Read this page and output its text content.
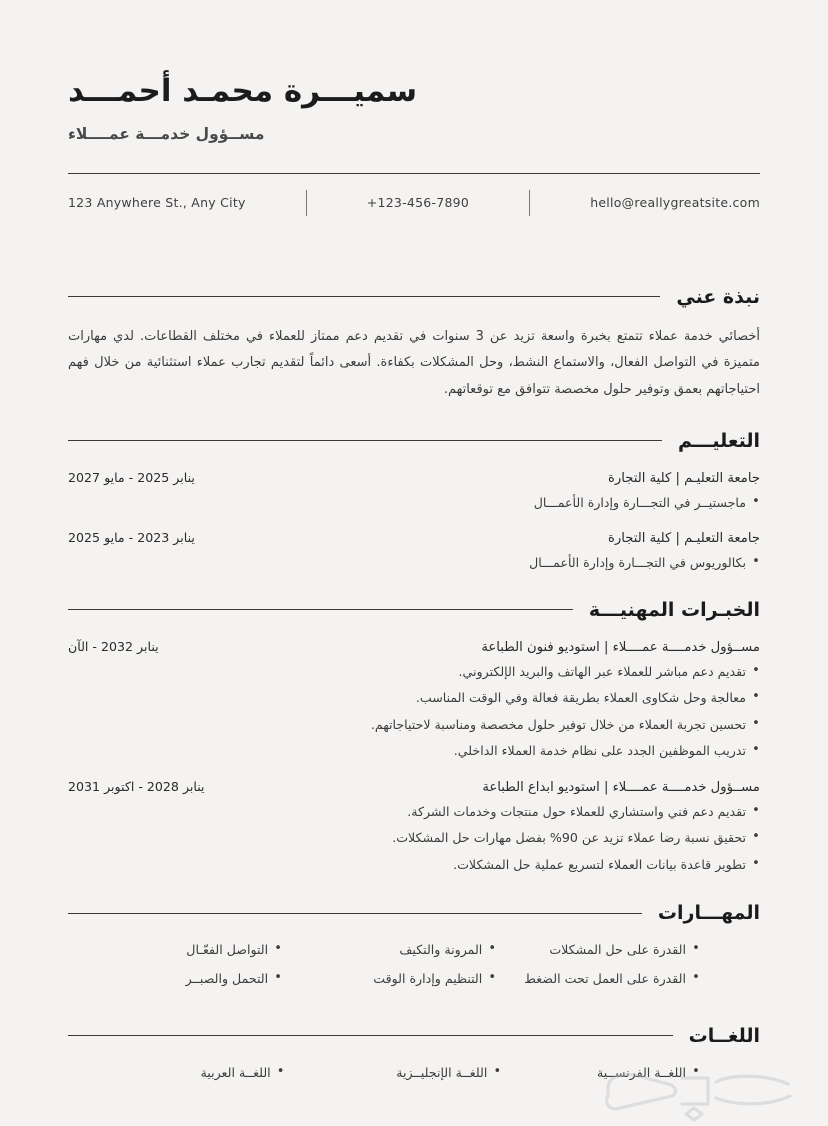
سميـــرة محمـد أحمـــد
مســؤول خدمـــة عمــــلاء
hello@reallygreatsite.com
+123-456-7890
123 Anywhere St., Any City
نبذة عني
أخصائي خدمة عملاء تتمتع بخبرة واسعة تزيد عن 3 سنوات في تقديم دعم ممتاز للعملاء في مختلف القطاعات. لدي مهارات متميزة في التواصل الفعال، والاستماع النشط، وحل المشكلات بكفاءة. أسعى دائماً لتقديم تجارب عملاء استثنائية من خلال فهم احتياجاتهم بعمق وتوفير حلول مخصصة تتوافق مع توقعاتهم.
التعليـــم
جامعة التعليـم | كلية التجارة
ينابر 2025 - مايو 2027
• ماجستيــر في التجـــارة وإدارة الأعمـــال
جامعة التعليـم | كلية التجارة
ينابر 2023 - مايو 2025
• بكالوريوس في التجـــارة وإدارة الأعمـــال
الخبـرات المهنيـــة
مســؤول خدمــــة عمــــلاء | استوديو فنون الطباعة
ينابر 2032 - الآن
• تقديم دعم مباشر للعملاء عبر الهاتف والبريد الإلكتروني.
• معالجة وحل شكاوى العملاء بطريقة فعالة وفي الوقت المناسب.
• تحسين تجربة العملاء من خلال توفير حلول مخصصة ومناسبة لاحتياجاتهم.
• تدريب الموظفين الجدد على نظام خدمة العملاء الداخلي.
مســؤول خدمــــة عمــــلاء | استوديو ابداع الطباعة
ينابر 2028 - اكتوبر 2031
• تقديم دعم فني واستشاري للعملاء حول منتجات وخدمات الشركة.
• تحقيق نسبة رضا عملاء تزيد عن 90% بفضل مهارات حل المشكلات.
• تطوير قاعدة بيانات العملاء لتسريع عملية حل المشكلات.
المهـــارات
• القدرة على حل المشكلات
• القدرة على العمل تحت الضغط
• المرونة والتكيف
• التنظيم وإدارة الوقت
• التواصل الفعّـال
• التحمل والصبــر
اللغــات
• اللغــة الفرنســية
• اللغــة الإنجليــزية
• اللغــة العربية
